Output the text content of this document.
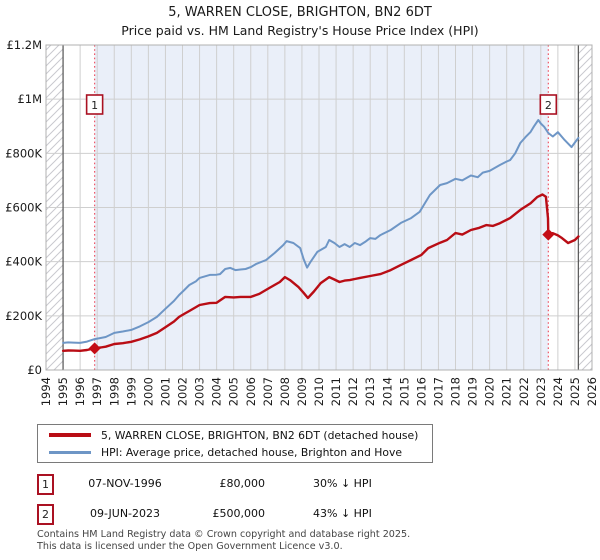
5, WARREN CLOSE, BRIGHTON, BN2 6DT
Price paid vs. HM Land Registry's House Price Index (HPI)
1	2
£0
£200K
£400K
£600K
£800K
£1M
£1.2M
1994 1995 1996 1997 1998 1999 2000 2001 2002 2003 2004 2005 2006 2007 2008 2009 2010 2011 2012 2013 2014 2015 2016 2017 2018 2019 2020 2021 2022 2023 2024 2025 2026
5, WARREN CLOSE, BRIGHTON, BN2 6DT (detached house)
HPI: Average price, detached house, Brighton and Hove
1	07-NOV-1996	£80,000	30% ↓ HPI
2	09-JUN-2023	£500,000	43% ↓ HPI
Contains HM Land Registry data © Crown copyright and database right 2025.
This data is licensed under the Open Government Licence v3.0.
